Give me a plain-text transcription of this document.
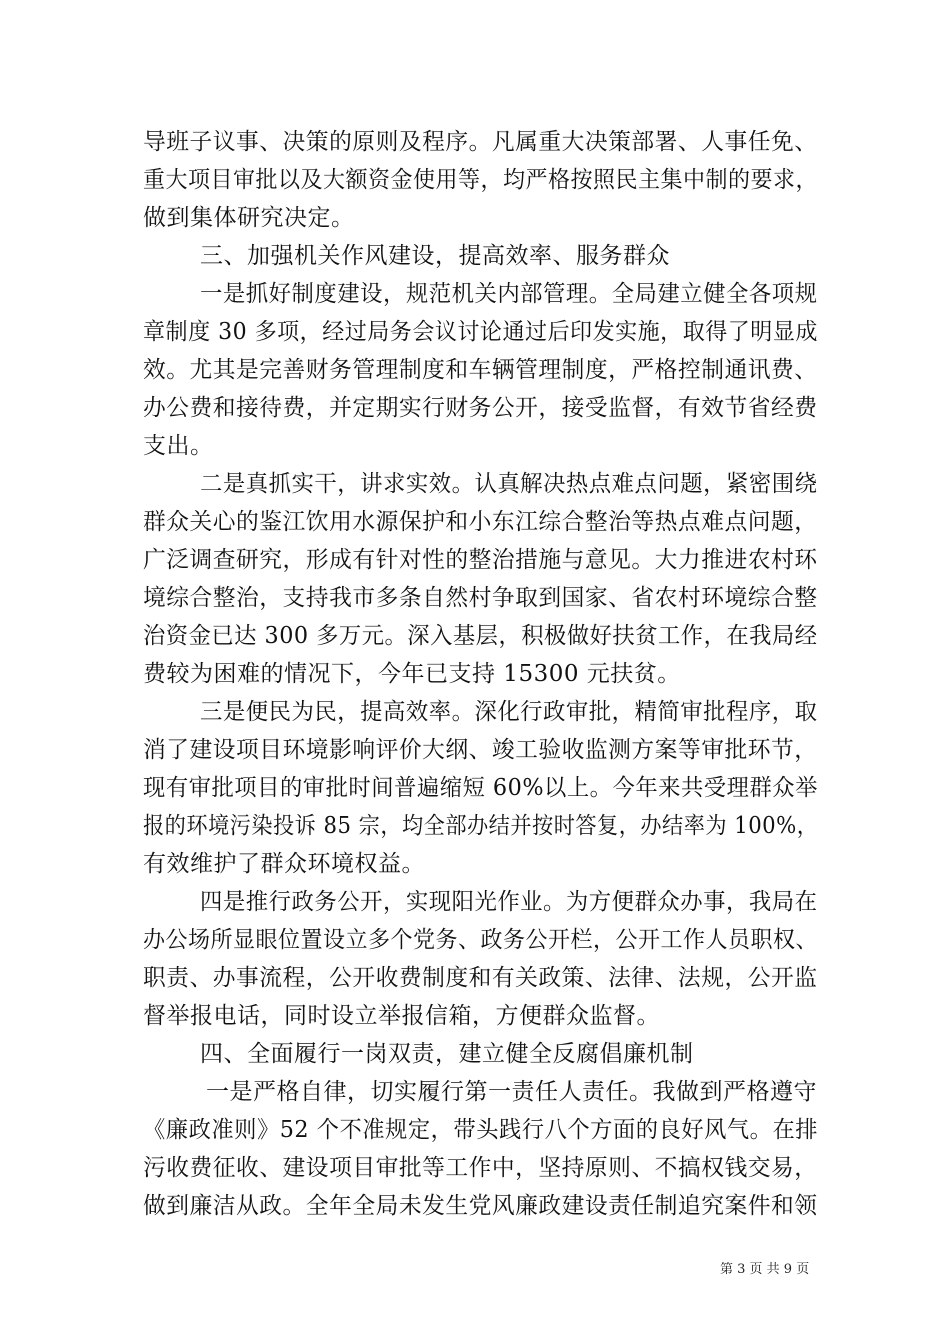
导班子议事、决策的原则及程序。凡属重大决策部署、人事任免、
重大项目审批以及大额资金使用等，均严格按照民主集中制的要求，
做到集体研究决定。
三、加强机关作风建设，提高效率、服务群众
一是抓好制度建设，规范机关内部管理。全局建立健全各项规
章制度 30 多项，经过局务会议讨论通过后印发实施，取得了明显成
效。尤其是完善财务管理制度和车辆管理制度，严格控制通讯费、
办公费和接待费，并定期实行财务公开，接受监督，有效节省经费
支出。
二是真抓实干，讲求实效。认真解决热点难点问题，紧密围绕
群众关心的鉴江饮用水源保护和小东江综合整治等热点难点问题，
广泛调查研究，形成有针对性的整治措施与意见。大力推进农村环
境综合整治，支持我市多条自然村争取到国家、省农村环境综合整
治资金已达 300 多万元。深入基层，积极做好扶贫工作，在我局经
费较为困难的情况下，今年已支持 15300 元扶贫。
三是便民为民，提高效率。深化行政审批，精简审批程序，取
消了建设项目环境影响评价大纲、竣工验收监测方案等审批环节，
现有审批项目的审批时间普遍缩短 60%以上。今年来共受理群众举
报的环境污染投诉 85 宗，均全部办结并按时答复，办结率为 100%，
有效维护了群众环境权益。
四是推行政务公开，实现阳光作业。为方便群众办事，我局在
办公场所显眼位置设立多个党务、政务公开栏，公开工作人员职权、
职责、办事流程，公开收费制度和有关政策、法律、法规，公开监
督举报电话，同时设立举报信箱，方便群众监督。
四、全面履行一岗双责，建立健全反腐倡廉机制
一是严格自律，切实履行第一责任人责任。我做到严格遵守
《廉政准则》52 个不准规定，带头践行八个方面的良好风气。在排
污收费征收、建设项目审批等工作中，坚持原则、不搞权钱交易，
做到廉洁从政。全年全局未发生党风廉政建设责任制追究案件和领
第 3 页 共 9 页
